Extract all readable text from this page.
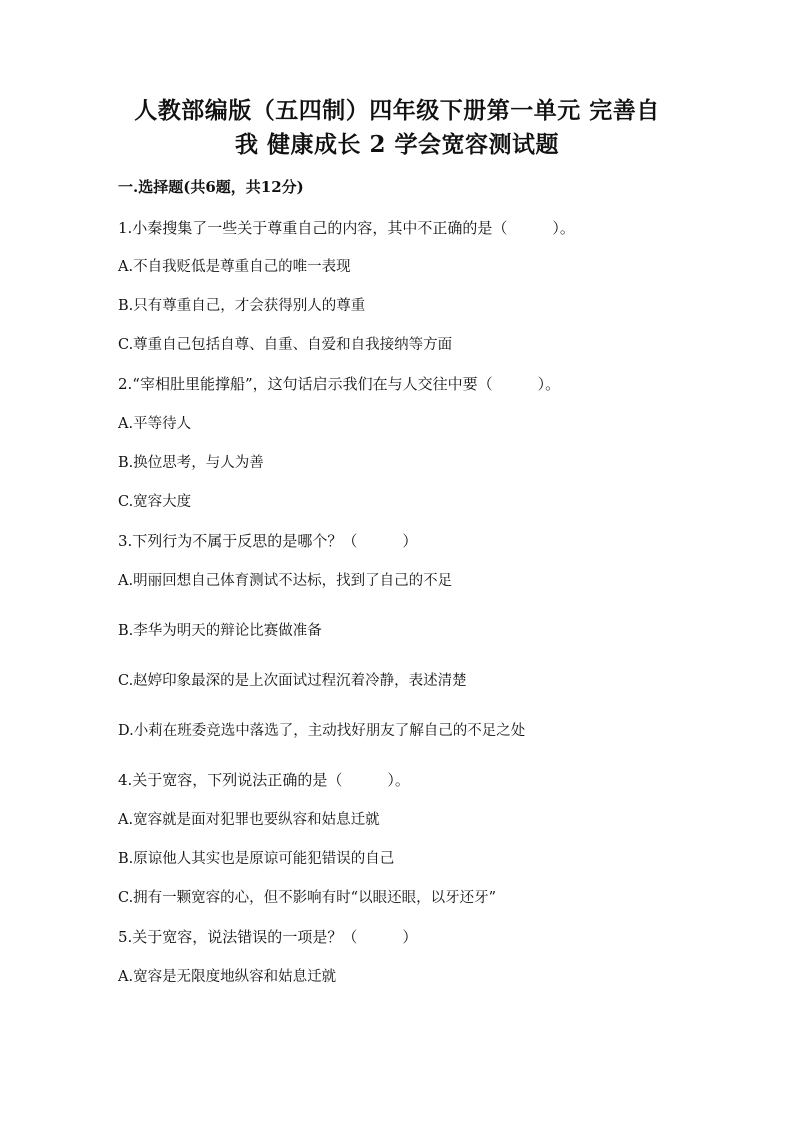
人教部编版（五四制）四年级下册第一单元 完善自
我 健康成长 2 学会宽容测试题
一.选择题(共6题，共12分)
1.小秦搜集了一些关于尊重自己的内容，其中不正确的是（　　　）。
A.不自我贬低是尊重自己的唯一表现
B.只有尊重自己，才会获得别人的尊重
C.尊重自己包括自尊、自重、自爱和自我接纳等方面
2.“宰相肚里能撑船”，这句话启示我们在与人交往中要（　　　）。
A.平等待人
B.换位思考，与人为善
C.宽容大度
3.下列行为不属于反思的是哪个？（　　　）
A.明丽回想自己体育测试不达标，找到了自己的不足
B.李华为明天的辩论比赛做准备
C.赵婷印象最深的是上次面试过程沉着冷静，表述清楚
D.小莉在班委竞选中落选了，主动找好朋友了解自己的不足之处
4.关于宽容，下列说法正确的是（　　　）。
A.宽容就是面对犯罪也要纵容和姑息迁就
B.原谅他人其实也是原谅可能犯错误的自己
C.拥有一颗宽容的心，但不影响有时“以眼还眼，以牙还牙”
5.关于宽容，说法错误的一项是？（　　　）
A.宽容是无限度地纵容和姑息迁就
